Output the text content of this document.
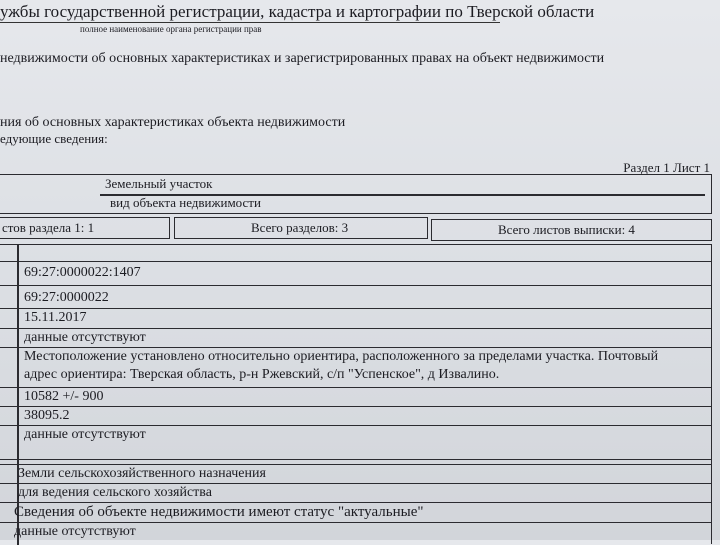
ужбы государственной регистрации, кадастра и картографии по Тверской области
полное наименование органа регистрации прав
недвижимости об основных характеристиках и зарегистрированных правах на объект недвижимости
ния об основных характеристиках объекта недвижимости
едующие сведения:
Раздел 1 Лист 1
Земельный участок
вид объекта недвижимости
стов раздела 1: 1	Всего разделов: 3	Всего листов выписки: 4
69:27:0000022:1407
69:27:0000022
15.11.2017
данные отсутствуют
Местоположение установлено относительно ориентира, расположенного за пределами участка. Почтовый
адрес ориентира: Тверская область, р-н Ржевский, с/п "Успенское", д Извалино.
10582 +/- 900
38095.2
данные отсутствуют
Земли сельскохозяйственного назначения
для ведения сельского хозяйства
Сведения об объекте недвижимости имеют статус "актуальные"
данные отсутствуют
